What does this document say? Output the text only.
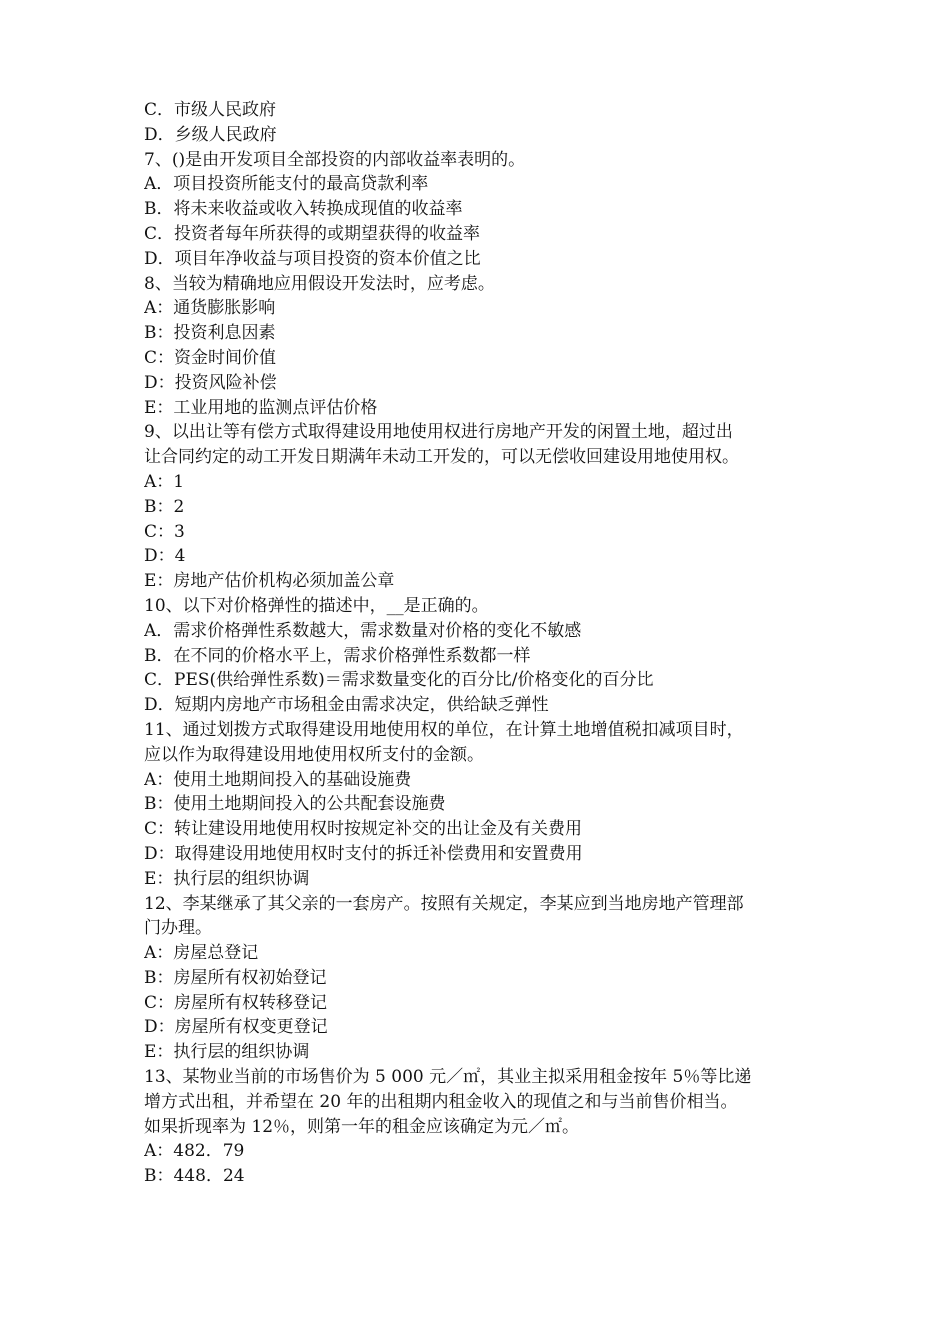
C．市级人民政府
D．乡级人民政府
7、()是由开发项目全部投资的内部收益率表明的。
A．项目投资所能支付的最高贷款利率
B．将未来收益或收入转换成现值的收益率
C．投资者每年所获得的或期望获得的收益率
D．项目年净收益与项目投资的资本价值之比
8、当较为精确地应用假设开发法时，应考虑。
A：通货膨胀影响
B：投资利息因素
C：资金时间价值
D：投资风险补偿
E：工业用地的监测点评估价格
9、以出让等有偿方式取得建设用地使用权进行房地产开发的闲置土地，超过出
让合同约定的动工开发日期满年未动工开发的，可以无偿收回建设用地使用权。
A：1
B：2
C：3
D：4
E：房地产估价机构必须加盖公章
10、以下对价格弹性的描述中，__是正确的。
A．需求价格弹性系数越大，需求数量对价格的变化不敏感
B．在不同的价格水平上，需求价格弹性系数都一样
C．PES(供给弹性系数)＝需求数量变化的百分比/价格变化的百分比
D．短期内房地产市场租金由需求决定，供给缺乏弹性
11、通过划拨方式取得建设用地使用权的单位，在计算土地增值税扣减项目时，
应以作为取得建设用地使用权所支付的金额。
A：使用土地期间投入的基础设施费
B：使用土地期间投入的公共配套设施费
C：转让建设用地使用权时按规定补交的出让金及有关费用
D：取得建设用地使用权时支付的拆迁补偿费用和安置费用
E：执行层的组织协调
12、李某继承了其父亲的一套房产。按照有关规定，李某应到当地房地产管理部
门办理。
A：房屋总登记
B：房屋所有权初始登记
C：房屋所有权转移登记
D：房屋所有权变更登记
E：执行层的组织协调
13、某物业当前的市场售价为 5 000 元／㎡，其业主拟采用租金按年 5％等比递
增方式出租，并希望在 20 年的出租期内租金收入的现值之和与当前售价相当。
如果折现率为 12％，则第一年的租金应该确定为元／㎡。
A：482．79
B：448．24
